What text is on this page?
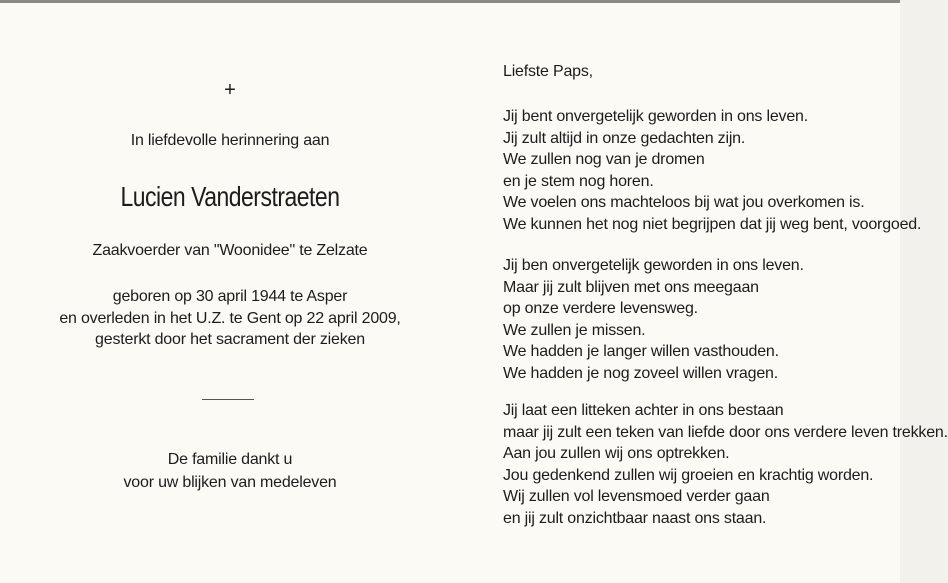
+
In liefdevolle herinnering aan
Lucien Vanderstraeten
Zaakvoerder van "Woonidee" te Zelzate
geboren op 30 april 1944 te Asper
en overleden in het U.Z. te Gent op 22 april 2009,
gesterkt door het sacrament der zieken
De familie dankt u
voor uw blijken van medeleven
Liefste Paps,
Jij bent onvergetelijk geworden in ons leven.
Jij zult altijd in onze gedachten zijn.
We zullen nog van je dromen
en je stem nog horen.
We voelen ons machteloos bij wat jou overkomen is.
We kunnen het nog niet begrijpen dat jij weg bent, voorgoed.
Jij ben onvergetelijk geworden in ons leven.
Maar jij zult blijven met ons meegaan
op onze verdere levensweg.
We zullen je missen.
We hadden je langer willen vasthouden.
We hadden je nog zoveel willen vragen.
Jij laat een litteken achter in ons bestaan
maar jij zult een teken van liefde door ons verdere leven trekken.
Aan jou zullen wij ons optrekken.
Jou gedenkend zullen wij groeien en krachtig worden.
Wij zullen vol levensmoed verder gaan
en jij zult onzichtbaar naast ons staan.
